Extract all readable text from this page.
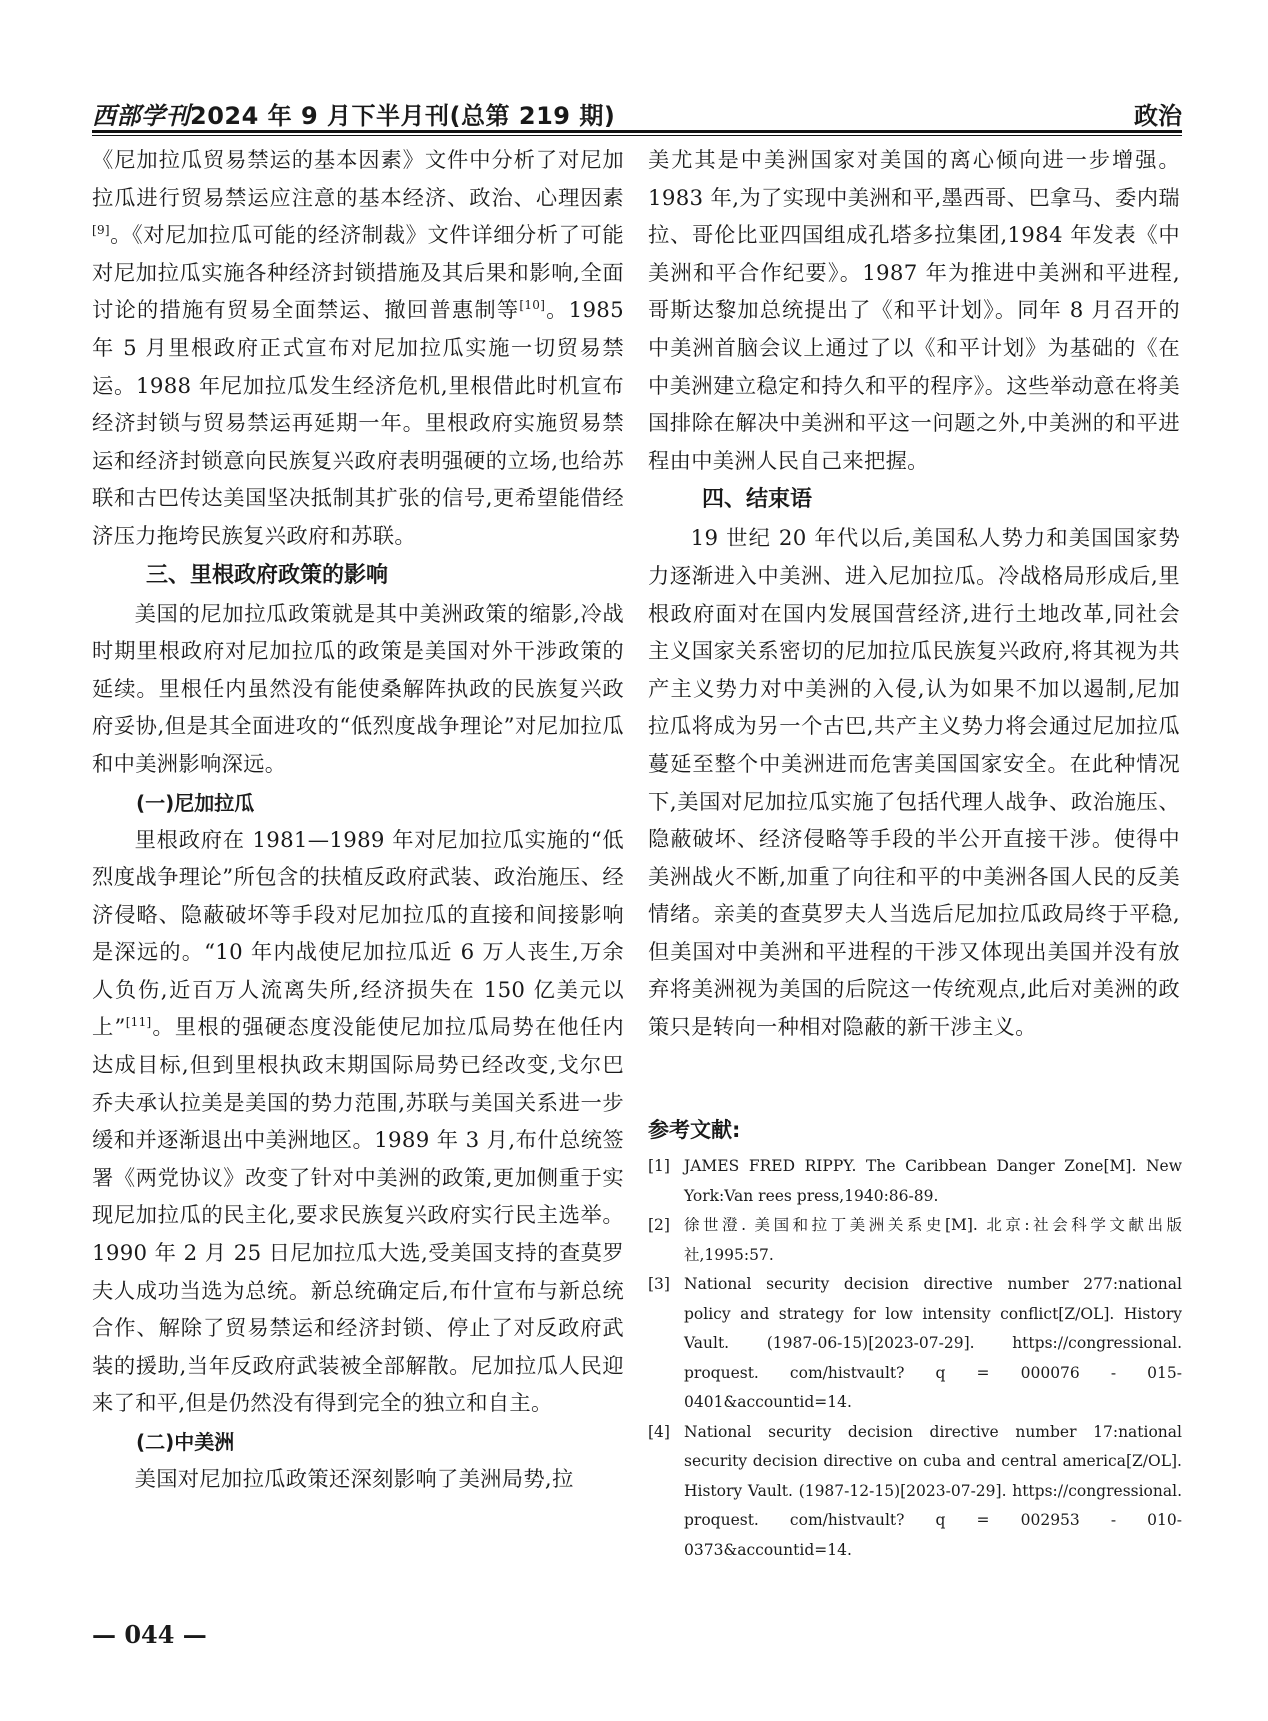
西部学刊2024 年 9 月下半月刊(总第 219 期)	政治

《尼加拉瓜贸易禁运的基本因素》文件中分析了对尼加拉瓜进行贸易禁运应注意的基本经济、政治、心理因素[9]。《对尼加拉瓜可能的经济制裁》文件详细分析了可能对尼加拉瓜实施各种经济封锁措施及其后果和影响,全面讨论的措施有贸易全面禁运、撤回普惠制等[10]。1985 年 5 月里根政府正式宣布对尼加拉瓜实施一切贸易禁运。1988 年尼加拉瓜发生经济危机,里根借此时机宣布经济封锁与贸易禁运再延期一年。里根政府实施贸易禁运和经济封锁意向民族复兴政府表明强硬的立场,也给苏联和古巴传达美国坚决抵制其扩张的信号,更希望能借经济压力拖垮民族复兴政府和苏联。

三、里根政府政策的影响

美国的尼加拉瓜政策就是其中美洲政策的缩影,冷战时期里根政府对尼加拉瓜的政策是美国对外干涉政策的延续。里根任内虽然没有能使桑解阵执政的民族复兴政府妥协,但是其全面进攻的“低烈度战争理论”对尼加拉瓜和中美洲影响深远。

(一)尼加拉瓜

里根政府在 1981—1989 年对尼加拉瓜实施的“低烈度战争理论”所包含的扶植反政府武装、政治施压、经济侵略、隐蔽破坏等手段对尼加拉瓜的直接和间接影响是深远的。“10 年内战使尼加拉瓜近 6 万人丧生,万余人负伤,近百万人流离失所,经济损失在 150 亿美元以上”[11]。里根的强硬态度没能使尼加拉瓜局势在他任内达成目标,但到里根执政末期国际局势已经改变,戈尔巴乔夫承认拉美是美国的势力范围,苏联与美国关系进一步缓和并逐渐退出中美洲地区。1989 年 3 月,布什总统签署《两党协议》改变了针对中美洲的政策,更加侧重于实现尼加拉瓜的民主化,要求民族复兴政府实行民主选举。1990 年 2 月 25 日尼加拉瓜大选,受美国支持的查莫罗夫人成功当选为总统。新总统确定后,布什宣布与新总统合作、解除了贸易禁运和经济封锁、停止了对反政府武装的援助,当年反政府武装被全部解散。尼加拉瓜人民迎来了和平,但是仍然没有得到完全的独立和自主。

(二)中美洲

美国对尼加拉瓜政策还深刻影响了美洲局势,拉

美尤其是中美洲国家对美国的离心倾向进一步增强。1983 年,为了实现中美洲和平,墨西哥、巴拿马、委内瑞拉、哥伦比亚四国组成孔塔多拉集团,1984 年发表《中美洲和平合作纪要》。1987 年为推进中美洲和平进程,哥斯达黎加总统提出了《和平计划》。同年 8 月召开的中美洲首脑会议上通过了以《和平计划》为基础的《在中美洲建立稳定和持久和平的程序》。这些举动意在将美国排除在解决中美洲和平这一问题之外,中美洲的和平进程由中美洲人民自己来把握。

四、结束语

19 世纪 20 年代以后,美国私人势力和美国国家势力逐渐进入中美洲、进入尼加拉瓜。冷战格局形成后,里根政府面对在国内发展国营经济,进行土地改革,同社会主义国家关系密切的尼加拉瓜民族复兴政府,将其视为共产主义势力对中美洲的入侵,认为如果不加以遏制,尼加拉瓜将成为另一个古巴,共产主义势力将会通过尼加拉瓜蔓延至整个中美洲进而危害美国国家安全。在此种情况下,美国对尼加拉瓜实施了包括代理人战争、政治施压、隐蔽破坏、经济侵略等手段的半公开直接干涉。使得中美洲战火不断,加重了向往和平的中美洲各国人民的反美情绪。亲美的查莫罗夫人当选后尼加拉瓜政局终于平稳,但美国对中美洲和平进程的干涉又体现出美国并没有放弃将美洲视为美国的后院这一传统观点,此后对美洲的政策只是转向一种相对隐蔽的新干涉主义。

参考文献:
[1] JAMES FRED RIPPY. The Caribbean Danger Zone[M]. New York:Van rees press,1940:86-89.
[2] 徐世澄. 美国和拉丁美洲关系史[M]. 北京:社会科学文献出版社,1995:57.
[3] National security decision directive number 277:national policy and strategy for low intensity conflict[Z/OL]. History Vault. (1987-06-15)[2023-07-29]. https://congressional. proquest. com/histvault? q = 000076 - 015-0401&accountid=14.
[4] National security decision directive number 17:national security decision directive on cuba and central america[Z/OL]. History Vault. (1987-12-15)[2023-07-29]. https://congressional. proquest. com/histvault? q = 002953 - 010-0373&accountid=14.
— 044 —
